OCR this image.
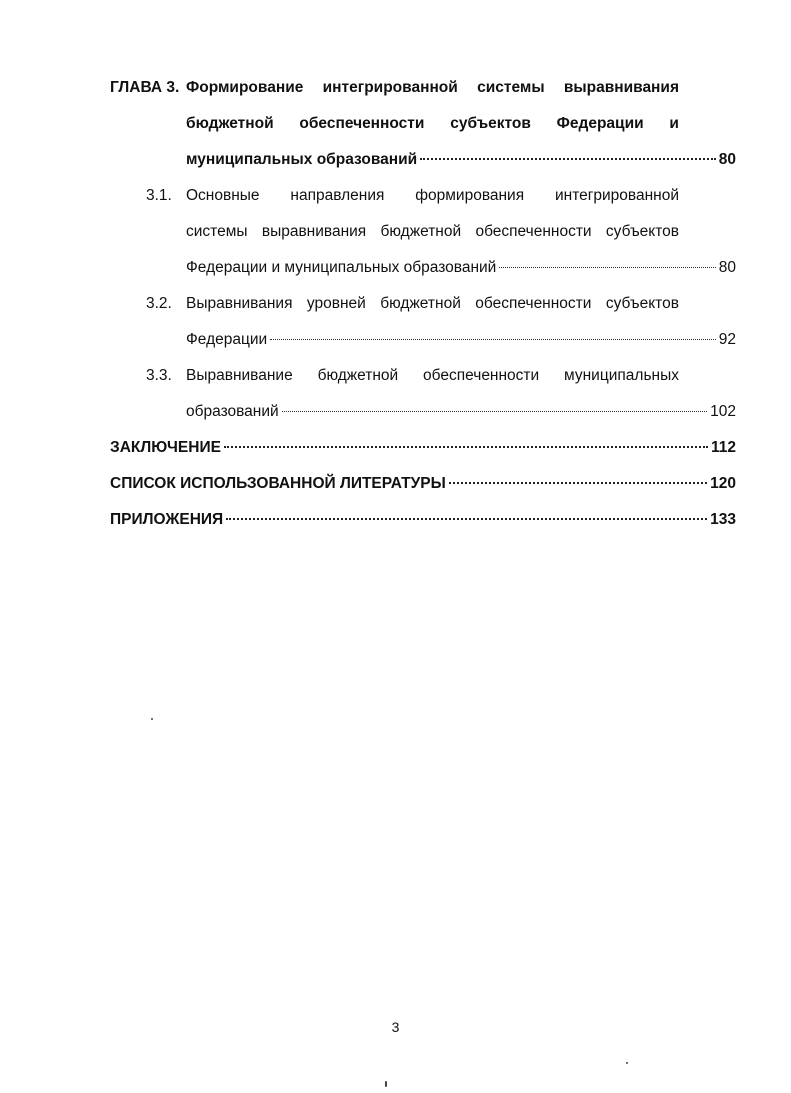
ГЛАВА 3. Формирование интегрированной системы выравнивания
бюджетной обеспеченности субъектов Федерации и
муниципальных образований	80
3.1. Основные направления формирования интегрированной
системы выравнивания бюджетной обеспеченности субъектов
Федерации и муниципальных образований	80
3.2. Выравнивания уровней бюджетной обеспеченности субъектов
Федерации	92
3.3. Выравнивание бюджетной обеспеченности муниципальных
образований	102
ЗАКЛЮЧЕНИЕ	112
СПИСОК ИСПОЛЬЗОВАННОЙ ЛИТЕРАТУРЫ	120
ПРИЛОЖЕНИЯ	133
3
